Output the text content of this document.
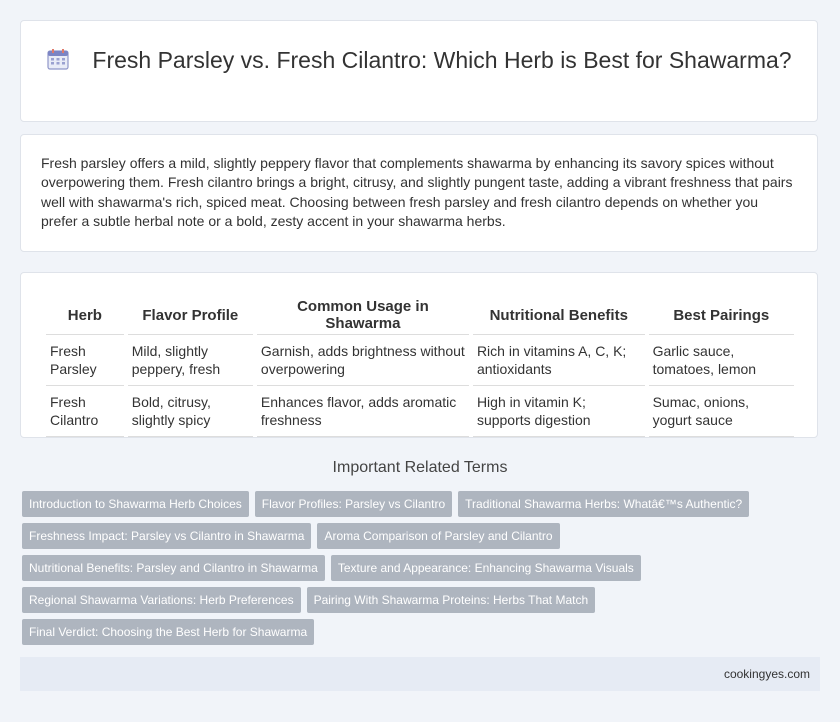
Fresh Parsley vs. Fresh Cilantro: Which Herb is Best for Shawarma?

Fresh parsley offers a mild, slightly peppery flavor that complements shawarma by enhancing its savory spices without overpowering them. Fresh cilantro brings a bright, citrusy, and slightly pungent taste, adding a vibrant freshness that pairs well with shawarma's rich, spiced meat. Choosing between fresh parsley and fresh cilantro depends on whether you prefer a subtle herbal note or a bold, zesty accent in your shawarma herbs.

Herb	Flavor Profile	Common Usage in Shawarma	Nutritional Benefits	Best Pairings
Fresh Parsley	Mild, slightly peppery, fresh	Garnish, adds brightness without overpowering	Rich in vitamins A, C, K; antioxidants	Garlic sauce, tomatoes, lemon
Fresh Cilantro	Bold, citrusy, slightly spicy	Enhances flavor, adds aromatic freshness	High in vitamin K; supports digestion	Sumac, onions, yogurt sauce
Important Related Terms
Introduction to Shawarma Herb Choices	Flavor Profiles: Parsley vs Cilantro	Traditional Shawarma Herbs: Whatâ€™s Authentic?
Freshness Impact: Parsley vs Cilantro in Shawarma	Aroma Comparison of Parsley and Cilantro
Nutritional Benefits: Parsley and Cilantro in Shawarma	Texture and Appearance: Enhancing Shawarma Visuals
Regional Shawarma Variations: Herb Preferences	Pairing With Shawarma Proteins: Herbs That Match
Final Verdict: Choosing the Best Herb for Shawarma
cookingyes.com
